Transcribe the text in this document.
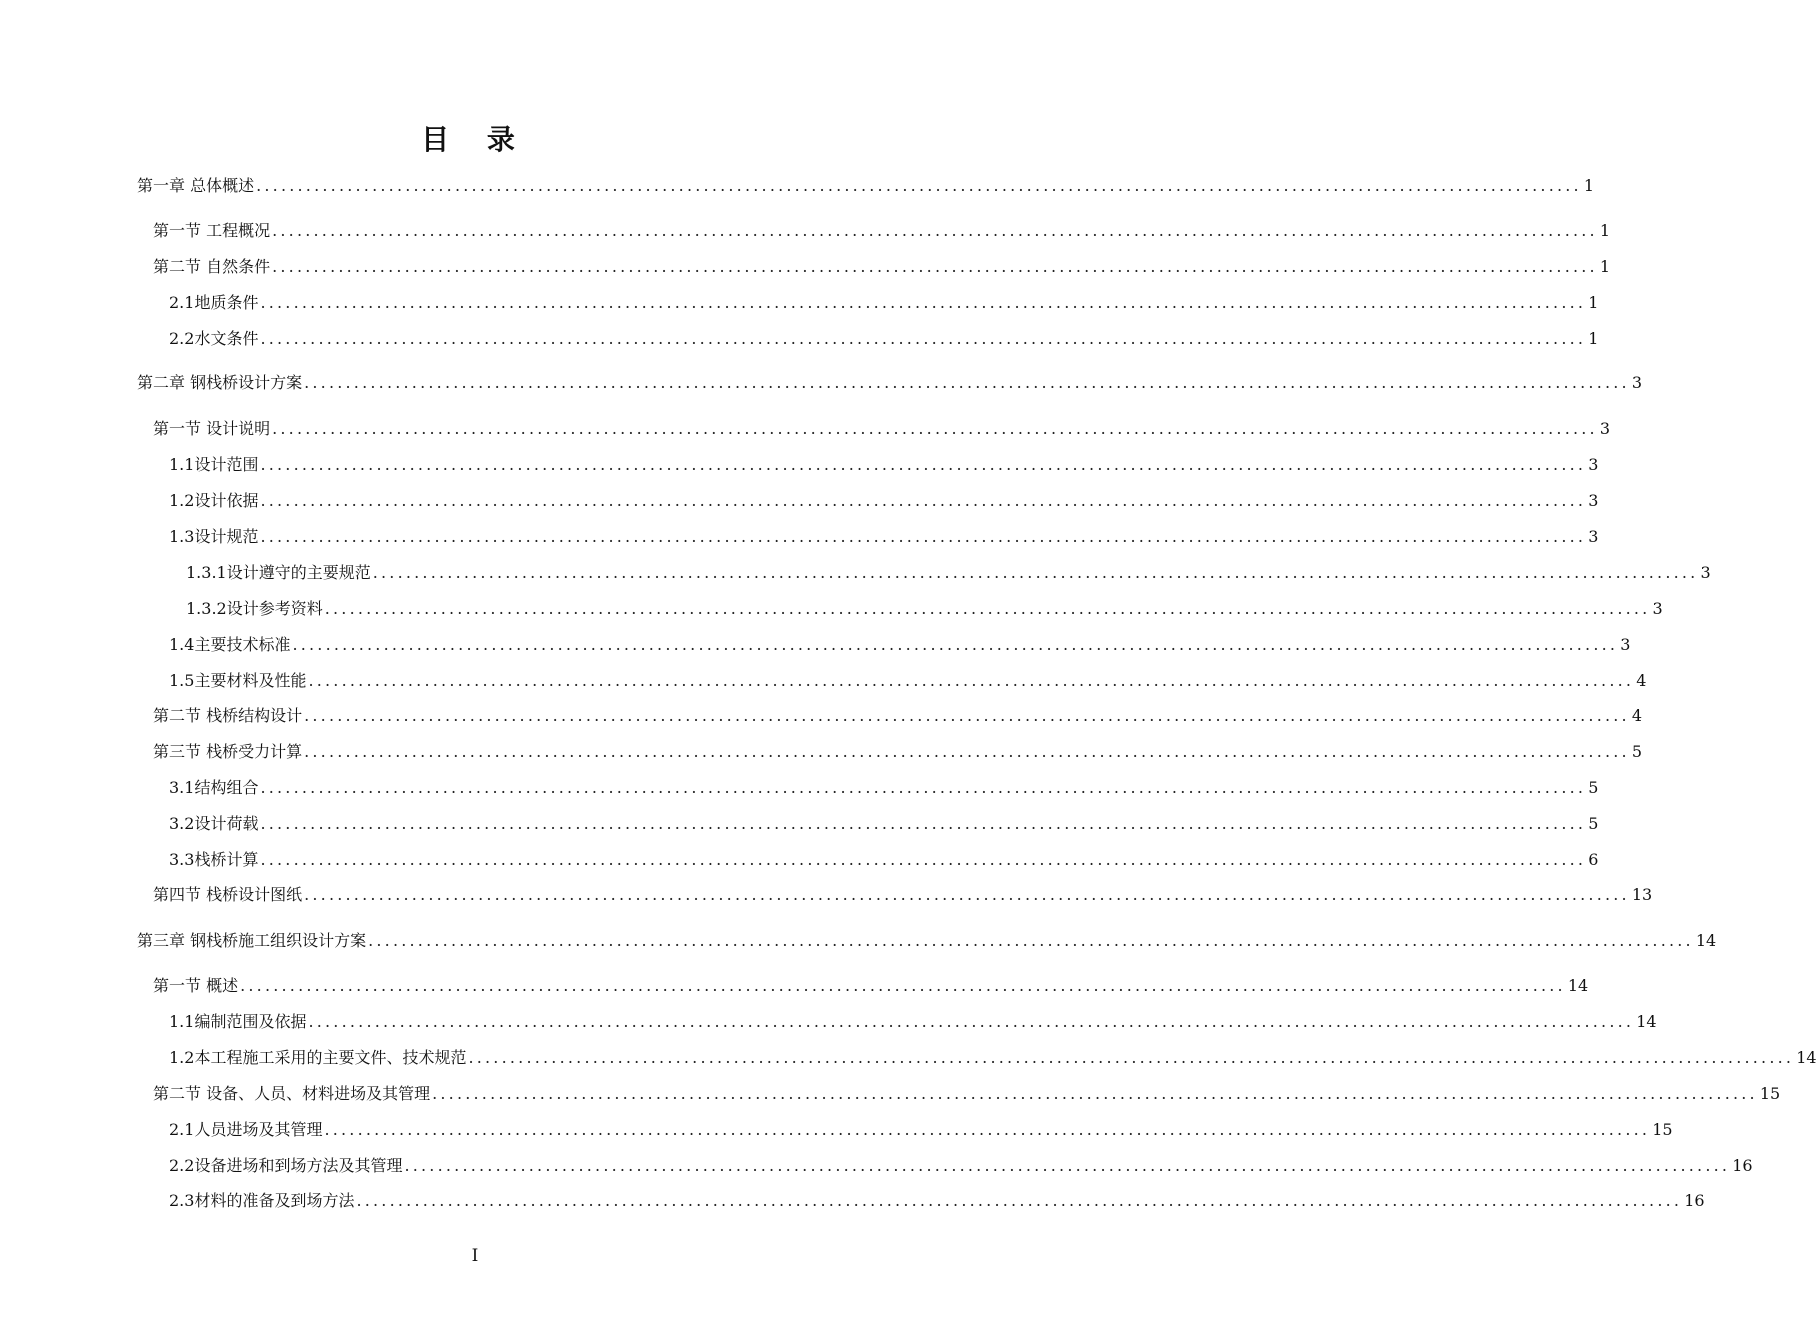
目 录
第一章 总体概述 ................................................................................................................................................................ 1
第一节 工程概况 ................................................................................................................................................................ 1
第二节 自然条件 ................................................................................................................................................................ 1
2.1地质条件 ................................................................................................................................................................ 1
2.2水文条件 ................................................................................................................................................................ 1
第二章 钢栈桥设计方案 ................................................................................................................................................................ 3
第一节 设计说明 ................................................................................................................................................................ 3
1.1设计范围 ................................................................................................................................................................ 3
1.2设计依据 ................................................................................................................................................................ 3
1.3设计规范 ................................................................................................................................................................ 3
1.3.1设计遵守的主要规范 ................................................................................................................................................................ 3
1.3.2设计参考资料 ................................................................................................................................................................ 3
1.4主要技术标准 ................................................................................................................................................................ 3
1.5主要材料及性能 ................................................................................................................................................................ 4
第二节 栈桥结构设计 ................................................................................................................................................................ 4
第三节 栈桥受力计算 ................................................................................................................................................................ 5
3.1结构组合 ................................................................................................................................................................ 5
3.2设计荷载 ................................................................................................................................................................ 5
3.3栈桥计算 ................................................................................................................................................................ 6
第四节 栈桥设计图纸 ................................................................................................................................................................ 13
第三章 钢栈桥施工组织设计方案 ................................................................................................................................................................ 14
第一节 概述 ................................................................................................................................................................ 14
1.1编制范围及依据 ................................................................................................................................................................ 14
1.2本工程施工采用的主要文件、技术规范 ................................................................................................................................................................ 14
第二节 设备、人员、材料进场及其管理 ................................................................................................................................................................ 15
2.1人员进场及其管理 ................................................................................................................................................................ 15
2.2设备进场和到场方法及其管理 ................................................................................................................................................................ 16
2.3材料的准备及到场方法 ................................................................................................................................................................ 16
I
